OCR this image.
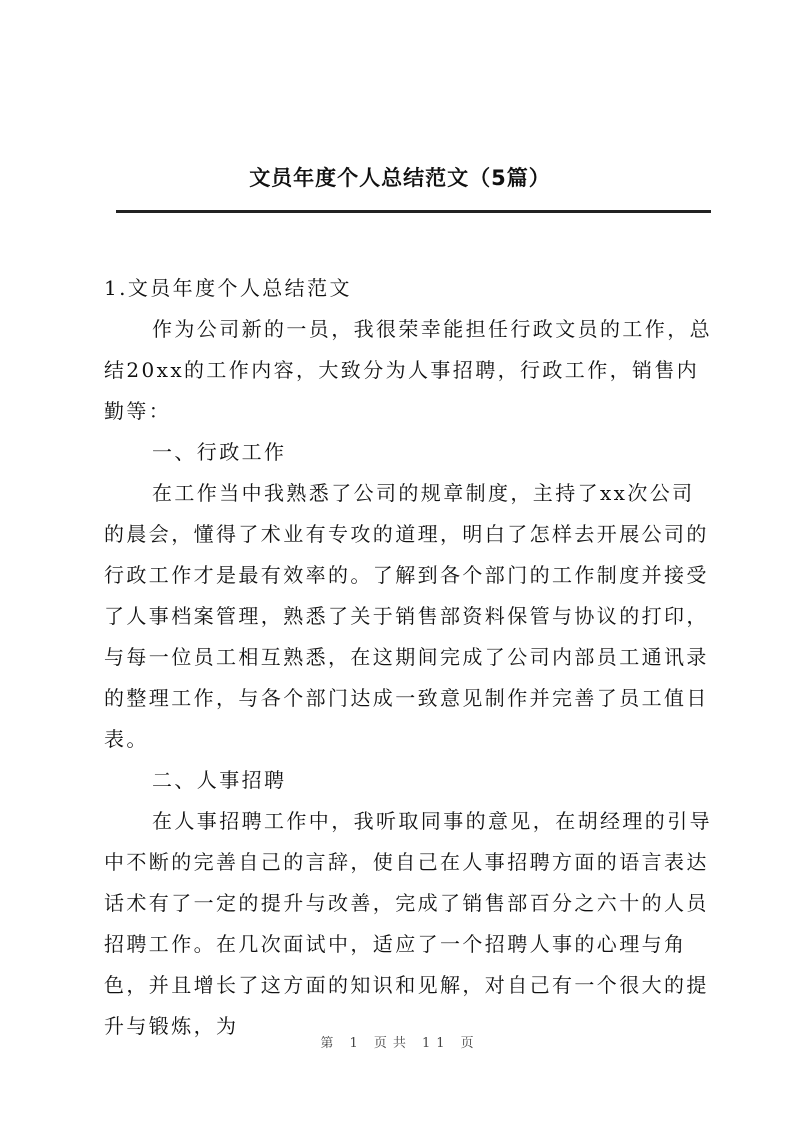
文员年度个人总结范文（5篇）

1.文员年度个人总结范文

作为公司新的一员，我很荣幸能担任行政文员的工作，总结20xx的工作内容，大致分为人事招聘，行政工作，销售内勤等：

一、行政工作

在工作当中我熟悉了公司的规章制度，主持了xx次公司的晨会，懂得了术业有专攻的道理，明白了怎样去开展公司的行政工作才是最有效率的。了解到各个部门的工作制度并接受了人事档案管理，熟悉了关于销售部资料保管与协议的打印，与每一位员工相互熟悉，在这期间完成了公司内部员工通讯录的整理工作，与各个部门达成一致意见制作并完善了员工值日表。

二、人事招聘

在人事招聘工作中，我听取同事的意见，在胡经理的引导中不断的完善自己的言辞，使自己在人事招聘方面的语言表达话术有了一定的提升与改善，完成了销售部百分之六十的人员招聘工作。在几次面试中，适应了一个招聘人事的心理与角色，并且增长了这方面的知识和见解，对自己有一个很大的提升与锻炼，为

第 1 页共 11 页
